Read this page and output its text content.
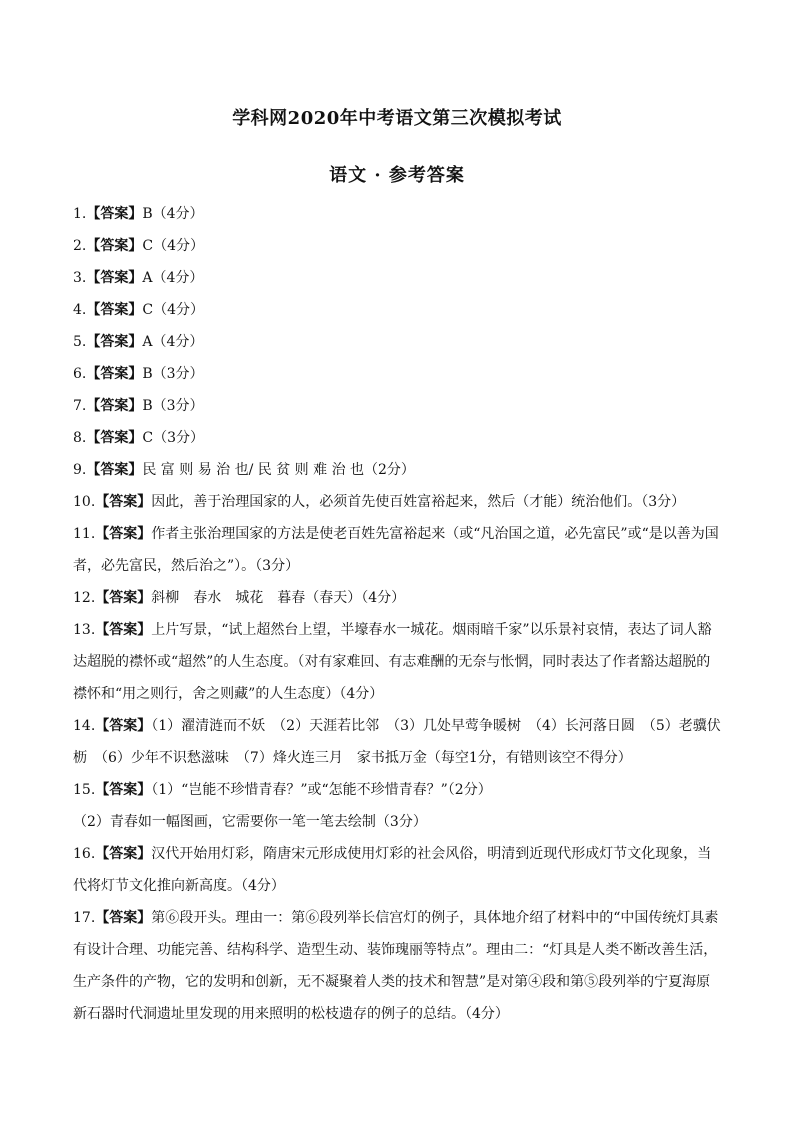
学科网2020年中考语文第三次模拟考试
语文 · 参考答案
1.【答案】B（4分）
2.【答案】C（4分）
3.【答案】A（4分）
4.【答案】C（4分）
5.【答案】A（4分）
6.【答案】B（3分）
7.【答案】B（3分）
8.【答案】C（3分）
9.【答案】民 富 则 易 治 也/ 民 贫 则 难 治 也（2分）
10.【答案】因此，善于治理国家的人，必须首先使百姓富裕起来，然后（才能）统治他们。（3分）
11.【答案】作者主张治理国家的方法是使老百姓先富裕起来（或“凡治国之道，必先富民”或“是以善为国者，必先富民，然后治之”）。（3分）
12.【答案】斜柳　春水　城花　暮春（春天）（4分）
13.【答案】上片写景，“试上超然台上望，半壕春水一城花。烟雨暗千家”以乐景衬哀情，表达了词人豁达超脱的襟怀或“超然”的人生态度。（对有家难回、有志难酬的无奈与怅惘，同时表达了作者豁达超脱的襟怀和“用之则行，舍之则藏”的人生态度）（4分）
14.【答案】（1）濯清涟而不妖　（2）天涯若比邻　（3）几处早莺争暖树　（4）长河落日圆　（5）老骥伏枥　（6）少年不识愁滋味　（7）烽火连三月　家书抵万金（每空1分，有错则该空不得分）
15.【答案】（1）“岂能不珍惜青春？”或“怎能不珍惜青春？”（2分）
（2）青春如一幅图画，它需要你一笔一笔去绘制（3分）
16.【答案】汉代开始用灯彩，隋唐宋元形成使用灯彩的社会风俗，明清到近现代形成灯节文化现象，当代将灯节文化推向新高度。（4分）
17.【答案】第⑥段开头。理由一：第⑥段列举长信宫灯的例子，具体地介绍了材料中的“中国传统灯具素有设计合理、功能完善、结构科学、造型生动、装饰瑰丽等特点”。理由二：“灯具是人类不断改善生活，生产条件的产物，它的发明和创新，无不凝聚着人类的技术和智慧”是对第④段和第⑤段列举的宁夏海原新石器时代洞遗址里发现的用来照明的松枝遗存的例子的总结。（4分）
